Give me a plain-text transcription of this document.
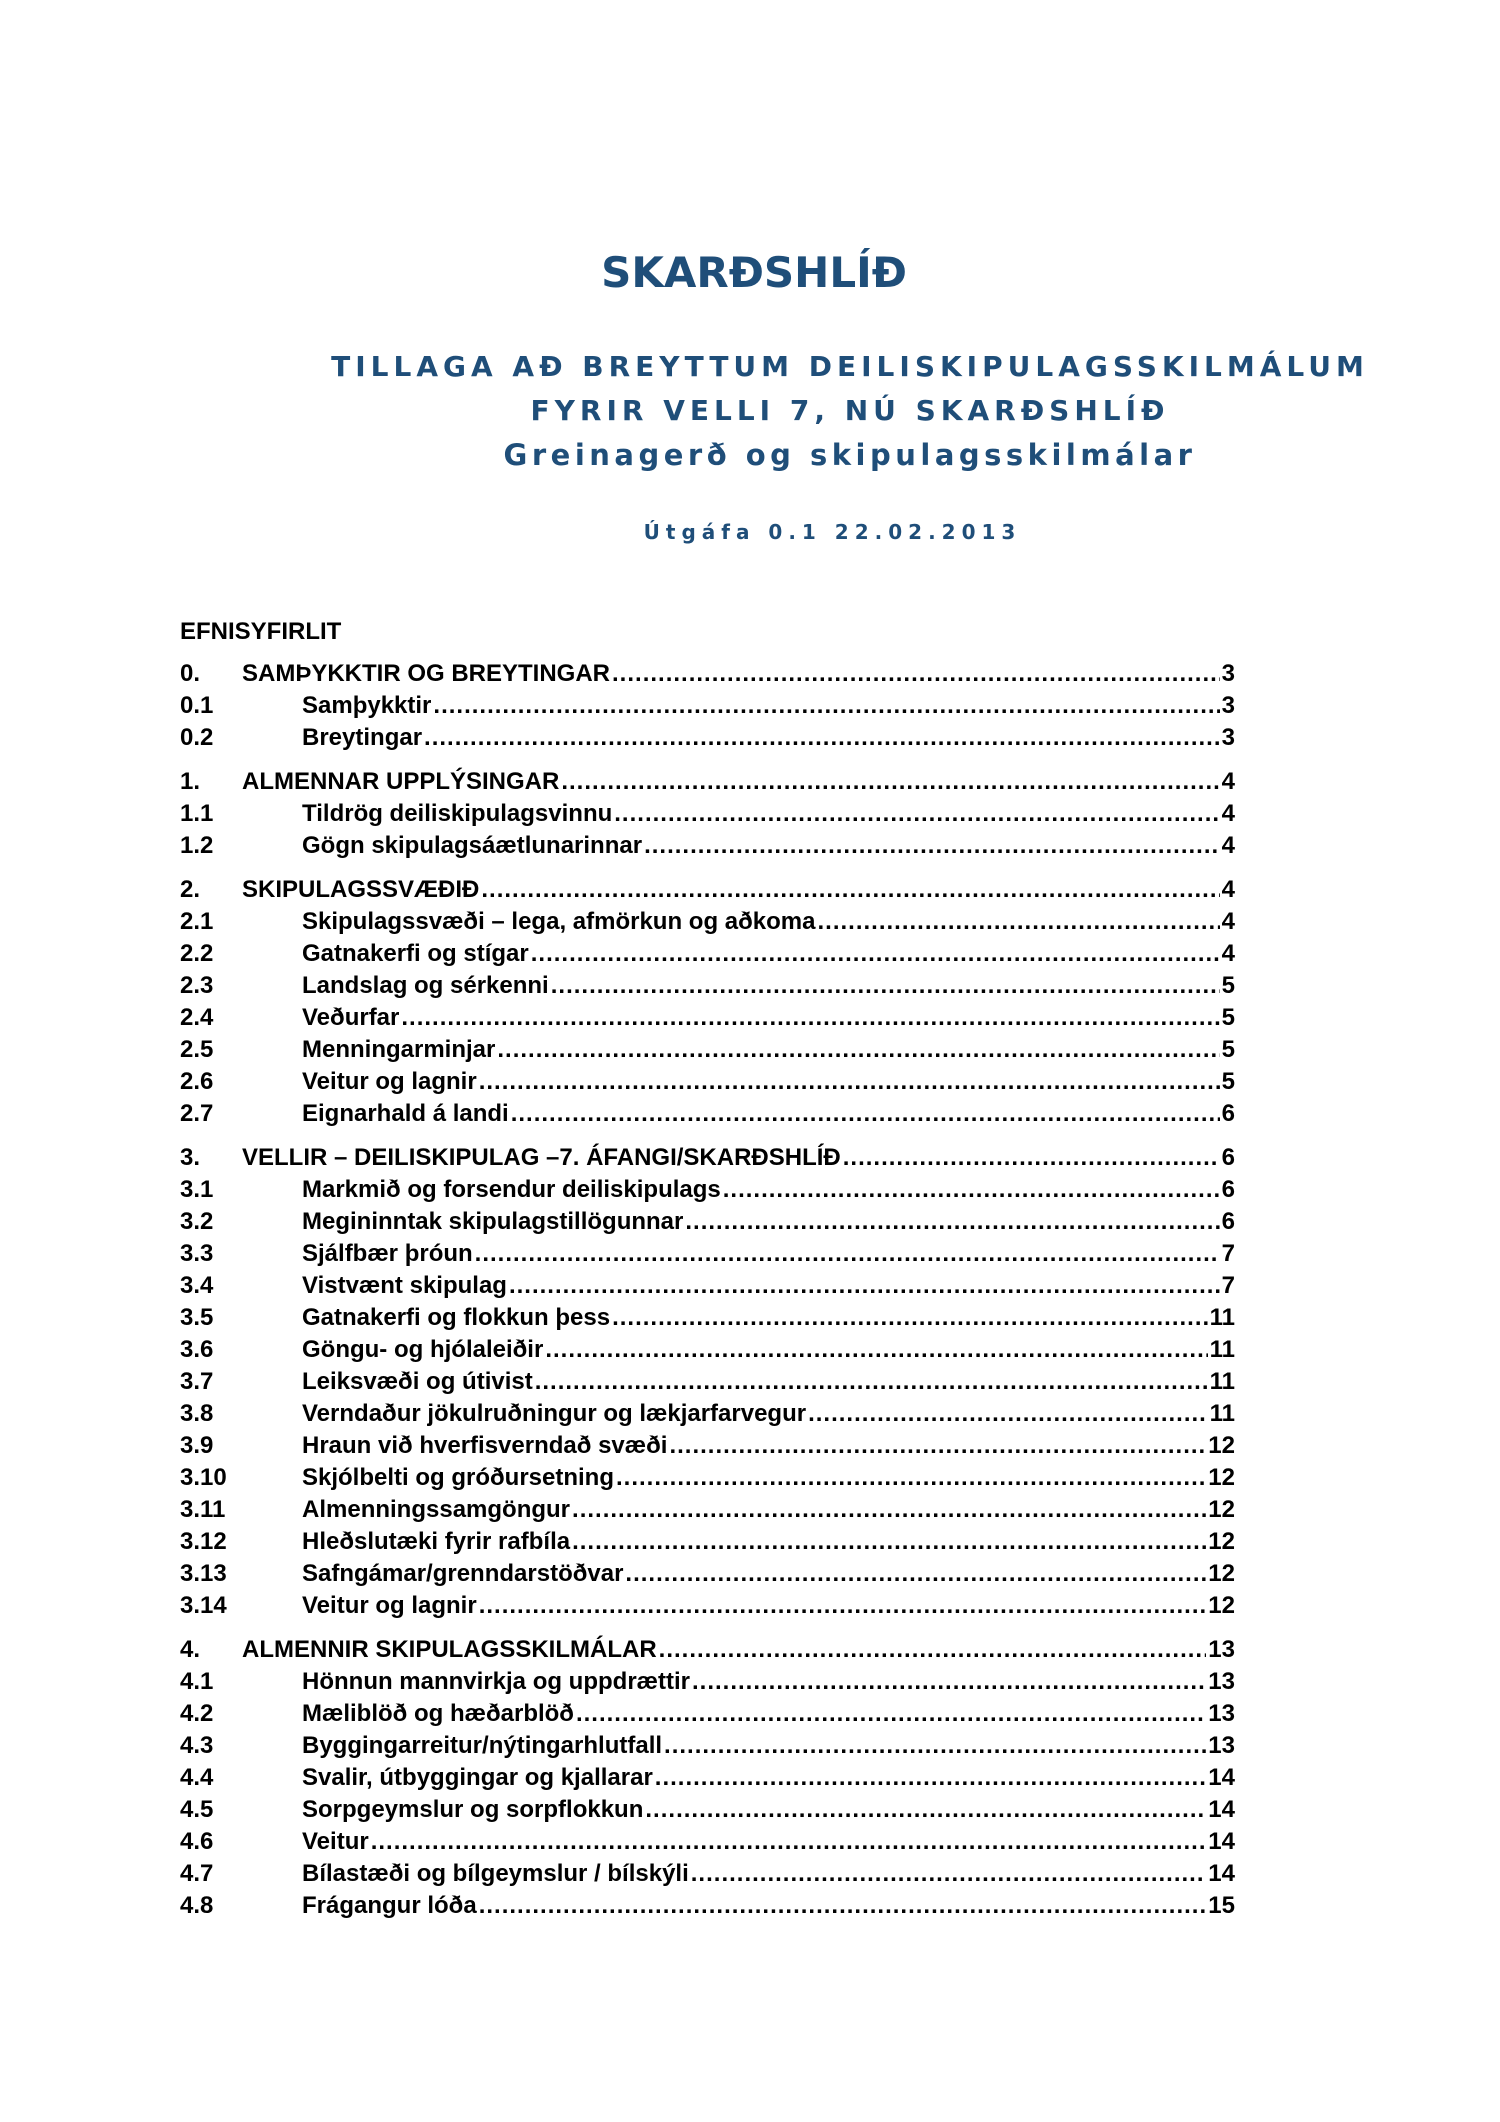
SKARÐSHLÍÐ

TILLAGA AÐ BREYTTUM DEILISKIPULAGSSKILMÁLUM

FYRIR VELLI 7, NÚ SKARÐSHLÍÐ

Greinagerð og skipulagsskilmálar

Útgáfa 0.1 22.02.2013

EFNISYFIRLIT
0.	SAMÞYKKTIR OG BREYTINGAR .....	3
0.1	Samþykktir .....	3
0.2	Breytingar .....	3
1.	ALMENNAR UPPLÝSINGAR .....	4
1.1	Tildrög deiliskipulagsvinnu .....	4
1.2	Gögn skipulagsáætlunarinnar .....	4
2.	SKIPULAGSSVÆÐIÐ .....	4
2.1	Skipulagssvæði – lega, afmörkun og aðkoma .....	4
2.2	Gatnakerfi og stígar .....	4
2.3	Landslag og sérkenni .....	5
2.4	Veðurfar .....	5
2.5	Menningarminjar .....	5
2.6	Veitur og lagnir .....	5
2.7	Eignarhald á landi .....	6
3.	VELLIR – DEILISKIPULAG –7. ÁFANGI/SKARÐSHLÍÐ .....	6
3.1	Markmið og forsendur deiliskipulags .....	6
3.2	Megininntak skipulagstillögunnar .....	6
3.3	Sjálfbær þróun .....	7
3.4	Vistvænt skipulag .....	7
3.5	Gatnakerfi og flokkun þess .....	11
3.6	Göngu- og hjólaleiðir .....	11
3.7	Leiksvæði og útivist .....	11
3.8	Verndaður jökulruðningur og lækjarfarvegur .....	11
3.9	Hraun við hverfisverndað svæði .....	12
3.10	Skjólbelti og gróðursetning .....	12
3.11	Almenningssamgöngur .....	12
3.12	Hleðslutæki fyrir rafbíla .....	12
3.13	Safngámar/grenndarstöðvar .....	12
3.14	Veitur og lagnir .....	12
4.	ALMENNIR SKIPULAGSSKILMÁLAR .....	13
4.1	Hönnun mannvirkja og uppdrættir .....	13
4.2	Mæliblöð og hæðarblöð .....	13
4.3	Byggingarreitur/nýtingarhlutfall .....	13
4.4	Svalir, útbyggingar og kjallarar .....	14
4.5	Sorpgeymslur og sorpflokkun .....	14
4.6	Veitur .....	14
4.7	Bílastæði og bílgeymslur / bílskýli .....	14
4.8	Frágangur lóða .....	15
